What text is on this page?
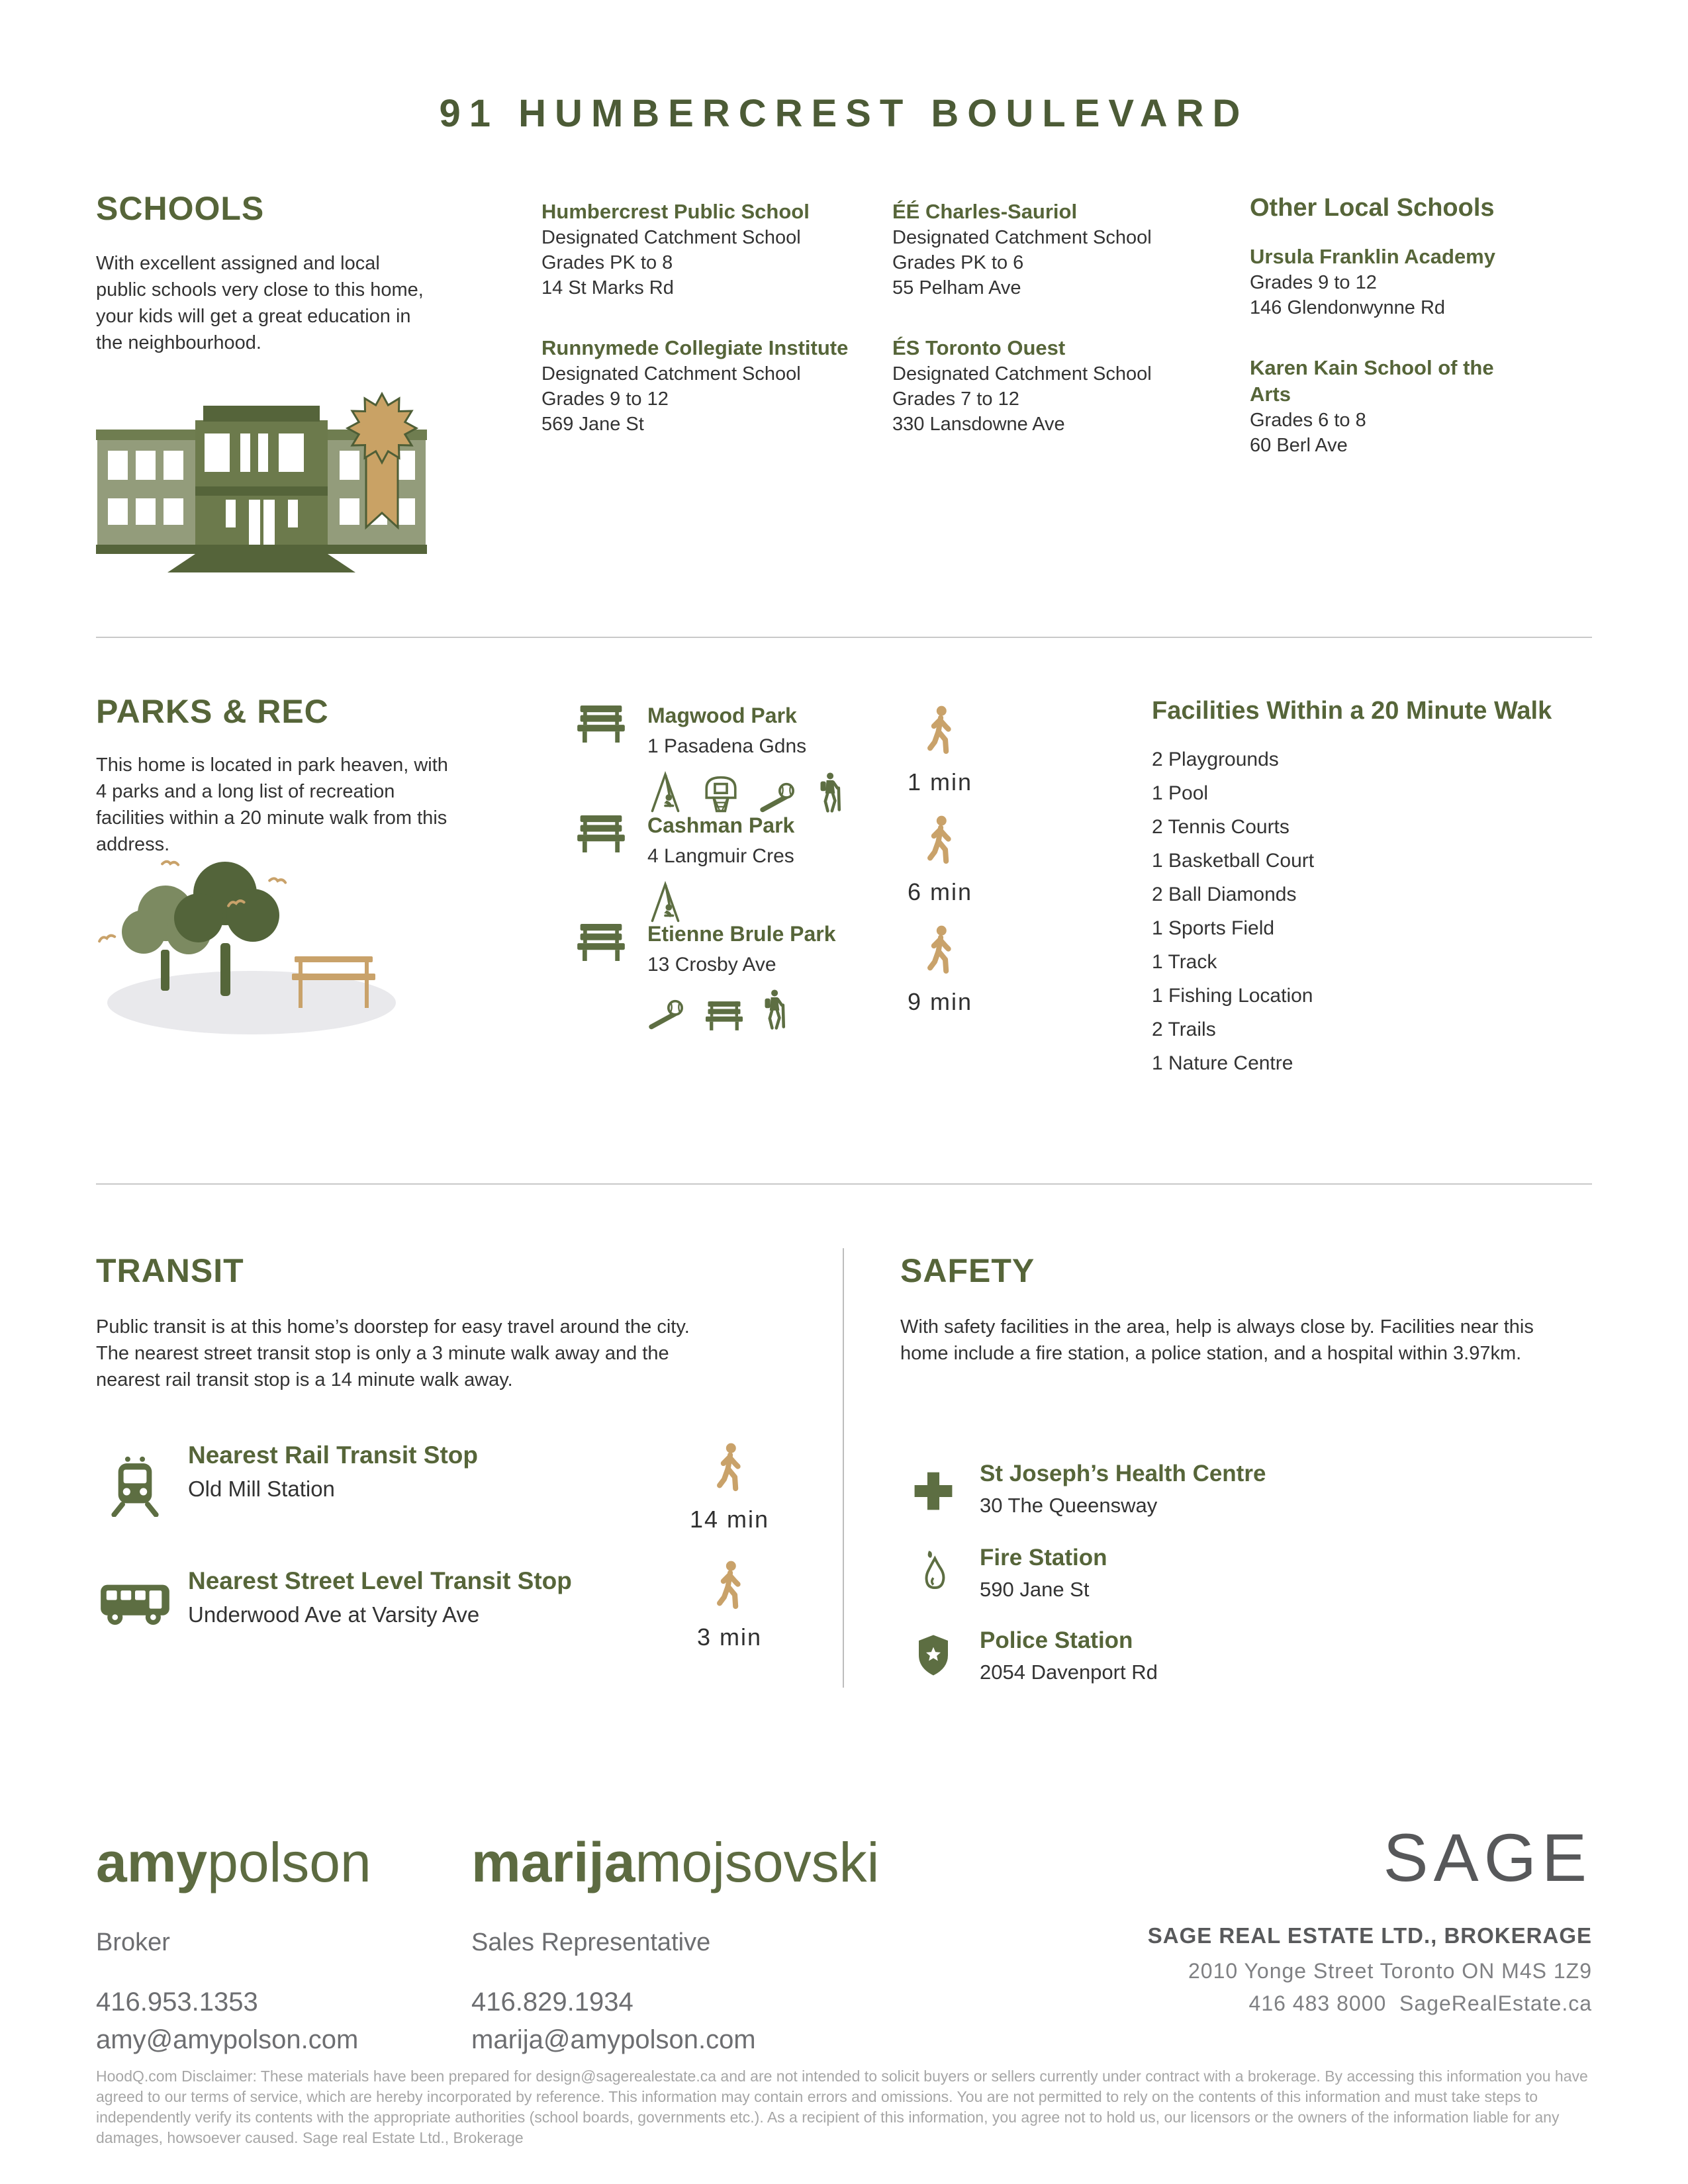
91 HUMBERCREST BOULEVARD
SCHOOLS

With excellent assigned and local public schools very close to this home, your kids will get a great education in the neighbourhood.

Humbercrest Public School
Designated Catchment School
Grades PK to 8
14 St Marks Rd
Runnymede Collegiate Institute
Designated Catchment School
Grades 9 to 12
569 Jane St
ÉÉ Charles-Sauriol
Designated Catchment School
Grades PK to 6
55 Pelham Ave
ÉS Toronto Ouest
Designated Catchment School
Grades 7 to 12
330 Lansdowne Ave
Other Local Schools
Ursula Franklin Academy
Grades 9 to 12
146 Glendonwynne Rd
Karen Kain School of the Arts
Grades 6 to 8
60 Berl Ave
PARKS & REC

This home is located in park heaven, with 4 parks and a long list of recreation facilities within a 20 minute walk from this address.

Magwood Park
1 Pasadena Gdns
Cashman Park
4 Langmuir Cres
Etienne Brule Park
13 Crosby Ave
1 min
6 min
9 min
Facilities Within a 20 Minute Walk
2 Playgrounds
1 Pool
2 Tennis Courts
1 Basketball Court
2 Ball Diamonds
1 Sports Field
1 Track
1 Fishing Location
2 Trails
1 Nature Centre
TRANSIT

Public transit is at this home’s doorstep for easy travel around the city. The nearest street transit stop is only a 3 minute walk away and the nearest rail transit stop is a 14 minute walk away.

Nearest Rail Transit Stop
Old Mill Station
Nearest Street Level Transit Stop
Underwood Ave at Varsity Ave
14 min
3 min
SAFETY

With safety facilities in the area, help is always close by. Facilities near this home include a fire station, a police station, and a hospital within 3.97km.

St Joseph’s Health Centre
30 The Queensway
Fire Station
590 Jane St
Police Station
2054 Davenport Rd
amypolson
Broker
416.953.1353
amy@amypolson.com
marijamojsovski
Sales Representative
416.829.1934
marija@amypolson.com
SAGE
SAGE REAL ESTATE LTD., BROKERAGE
2010 Yonge Street Toronto ON M4S 1Z9
416 483 8000  SageRealEstate.ca
HoodQ.com Disclaimer: These materials have been prepared for design@sagerealestate.ca and are not intended to solicit buyers or sellers currently under contract with a brokerage. By accessing this information you have agreed to our terms of service, which are hereby incorporated by reference. This information may contain errors and omissions. You are not permitted to rely on the contents of this information and must take steps to independently verify its contents with the appropriate authorities (school boards, governments etc.). As a recipient of this information, you agree not to hold us, our licensors or the owners of the information liable for any damages, howsoever caused. Sage real Estate Ltd., Brokerage
